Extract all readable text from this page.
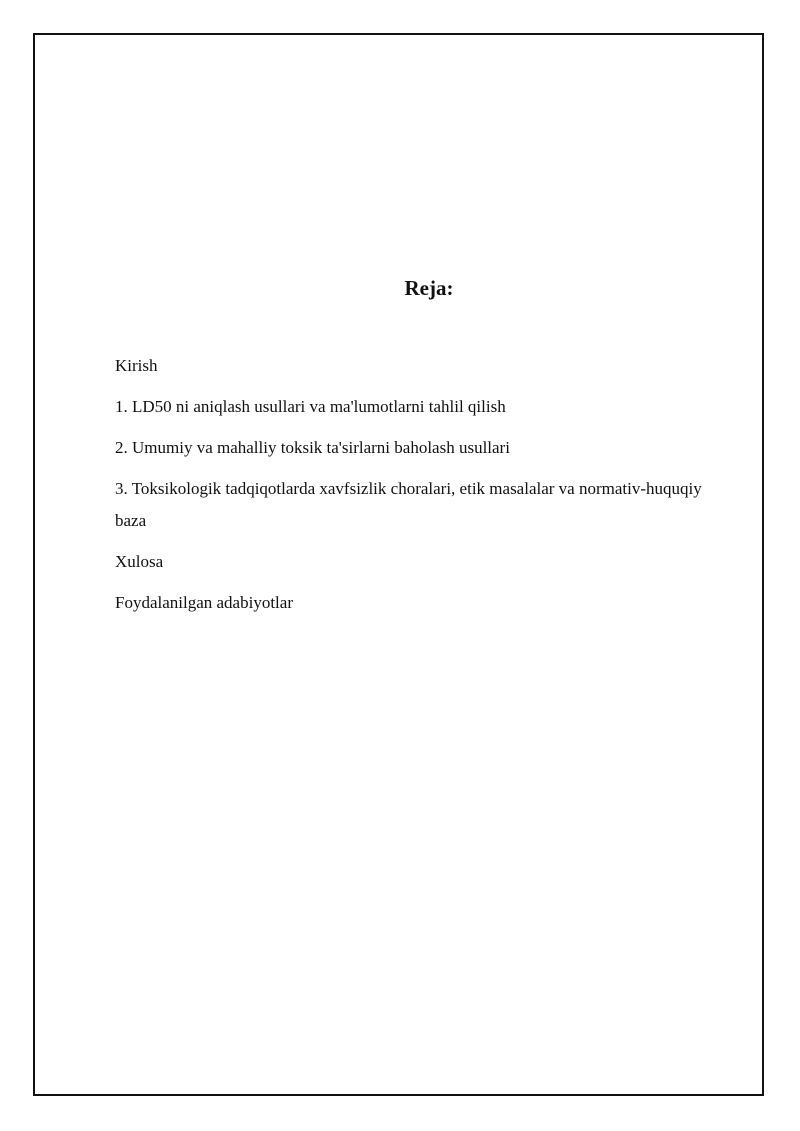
Reja:
Kirish
1. LD50 ni aniqlash usullari va ma'lumotlarni tahlil qilish
2. Umumiy va mahalliy toksik ta'sirlarni baholash usullari
3. Toksikologik tadqiqotlarda xavfsizlik choralari, etik masalalar va normativ-huquqiy baza
Xulosa
Foydalanilgan adabiyotlar
